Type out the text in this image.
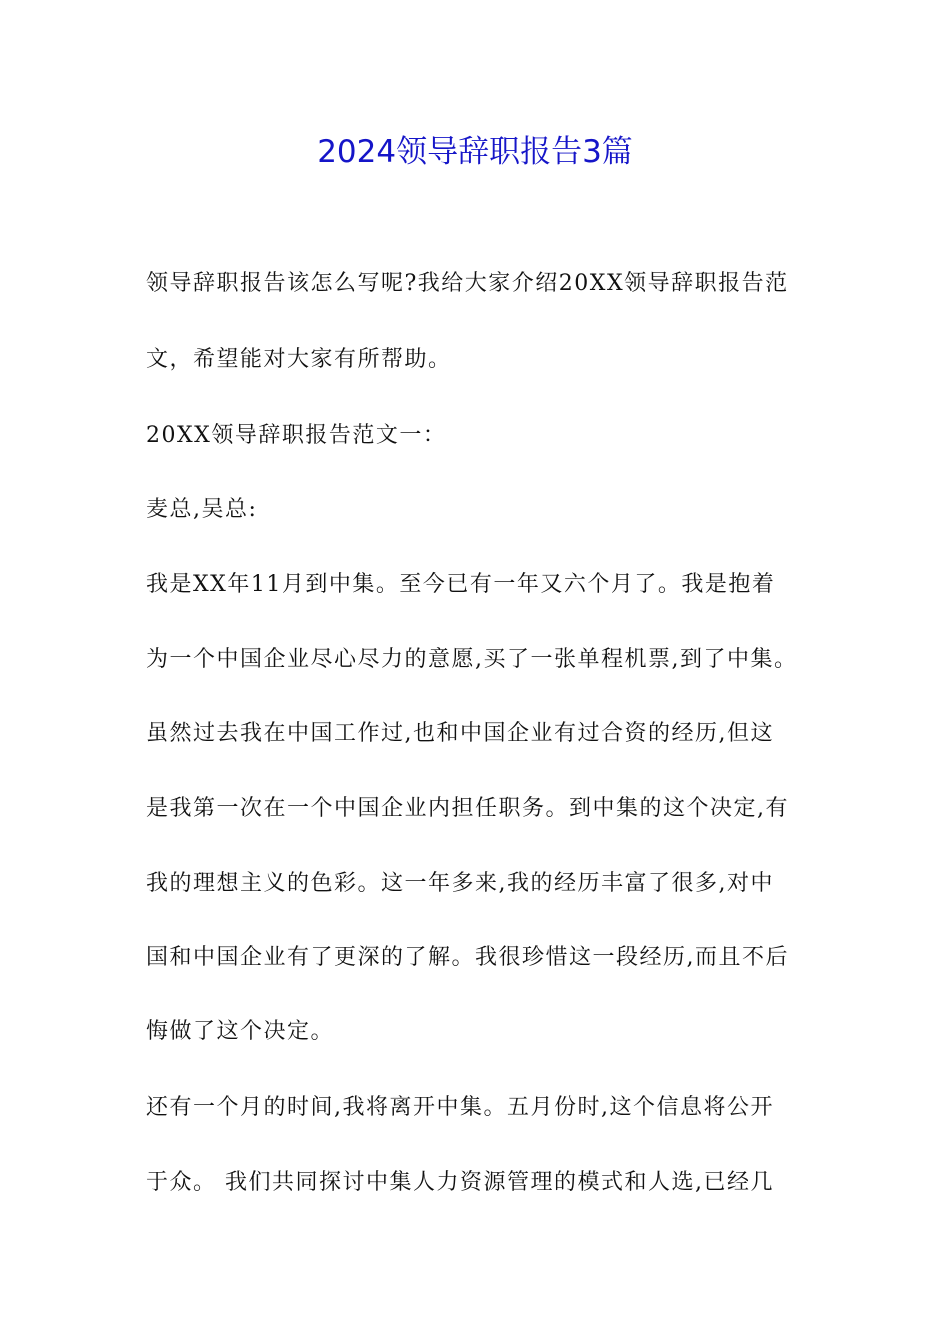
2024领导辞职报告3篇

领导辞职报告该怎么写呢?我给大家介绍20XX领导辞职报告范

文，希望能对大家有所帮助。

20XX领导辞职报告范文一：

麦总,吴总:

我是XX年11月到中集。至今已有一年又六个月了。我是抱着

为一个中国企业尽心尽力的意愿,买了一张单程机票,到了中集。

虽然过去我在中国工作过,也和中国企业有过合资的经历,但这

是我第一次在一个中国企业内担任职务。到中集的这个决定,有

我的理想主义的色彩。这一年多来,我的经历丰富了很多,对中

国和中国企业有了更深的了解。我很珍惜这一段经历,而且不后

悔做了这个决定。

还有一个月的时间,我将离开中集。五月份时,这个信息将公开

于众。 我们共同探讨中集人力资源管理的模式和人选,已经几
